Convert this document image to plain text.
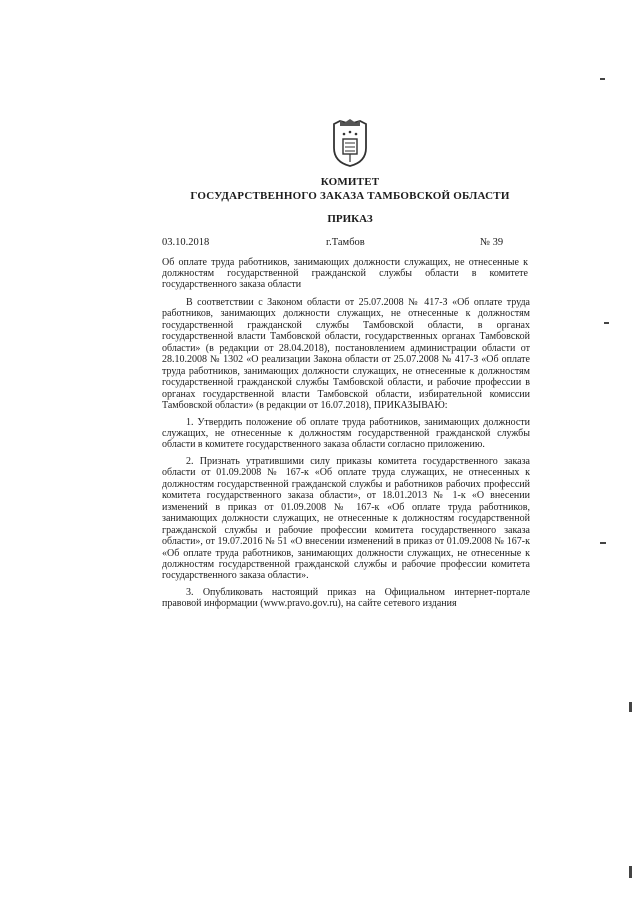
КОМИТЕТ
ГОСУДАРСТВЕННОГО ЗАКАЗА ТАМБОВСКОЙ ОБЛАСТИ
ПРИКАЗ
03.10.2018	г.Тамбов	№ 39
Об оплате труда работников, занимающих должности служащих, не отнесенные к должностям государственной гражданской службы области в комитете государственного заказа области

В соответствии с Законом области от 25.07.2008 № 417-З «Об оплате труда работников, занимающих должности служащих, не отнесенные к должностям государственной гражданской службы Тамбовской области, в органах государственной власти Тамбовской области, государственных органах Тамбовской области» (в редакции от 28.04.2018), постановлением администрации области от 28.10.2008 № 1302 «О реализации Закона области от 25.07.2008 № 417-З «Об оплате труда работников, занимающих должности служащих, не отнесенные к должностям государственной гражданской службы Тамбовской области, и рабочие профессии в органах государственной власти Тамбовской области, избирательной комиссии Тамбовской области» (в редакции от 16.07.2018), ПРИКАЗЫВАЮ:

1. Утвердить положение об оплате труда работников, занимающих должности служащих, не отнесенные к должностям государственной гражданской службы области в комитете государственного заказа области согласно приложению.

2. Признать утратившими силу приказы комитета государственного заказа области от 01.09.2008 № 167-к «Об оплате труда служащих, не отнесенных к должностям государственной гражданской службы и работников рабочих профессий комитета государственного заказа области», от 18.01.2013 № 1-к «О внесении изменений в приказ от 01.09.2008 № 167-к «Об оплате труда работников, занимающих должности служащих, не отнесенные к должностям государственной гражданской службы и рабочие профессии комитета государственного заказа области», от 19.07.2016 № 51 «О внесении изменений в приказ от 01.09.2008 № 167-к «Об оплате труда работников, занимающих должности служащих, не отнесенные к должностям государственной гражданской службы и рабочие профессии комитета государственного заказа области».

3. Опубликовать настоящий приказ на Официальном интернет-портале правовой информации (www.pravo.gov.ru), на сайте сетевого издания
